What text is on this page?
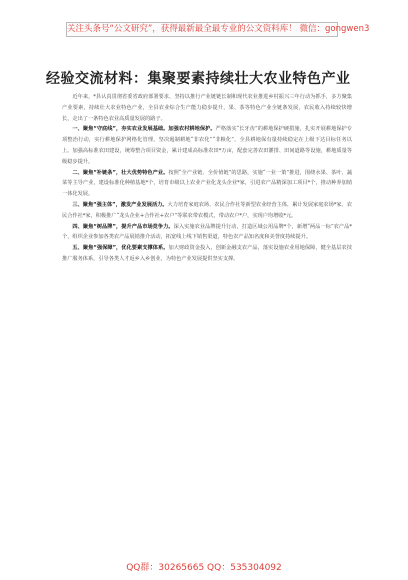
关注头条号“公文研究”，获得最新最全最专业的公文资料库！ 微信：gongwen3
经验交流材料：集聚要素持续壮大农业特色产业

近年来，*县认真贯彻省委省政府部署要求，坚持以推行产业链链长制和现代农业推进乡村振兴三年行动为抓手，多方聚集产业要素，持续壮大农业特色产业，全县农业综合生产能力稳步提升，果、茶等特色产业全链条发展，农民收入持续较快增长，走出了一条特色农业高质量发展的路子。

一、聚焦“守底线”，夯实农业发展基础。加强农村耕地保护。严格落实“长牙齿”的耕地保护硬措施，扎实开展耕地保护专项整治行动，实行耕地保护网格化管理，坚决遏制耕地“非农化”“非粮化”，全县耕地保有量持续稳定在上级下达目标任务以上。加强高标准农田建设，统筹整合项目资金，累计建成高标准农田*万亩，配套完善农田灌排、田间道路等设施，耕地质量等级稳步提升。

二、聚焦“补链条”，壮大优势特色产业。按照“全产业链、全价值链”的思路，实施“一业一策”推进，围绕水果、茶叶、蔬菜等主导产业，建设标准化种植基地*个，培育市级以上农业产业化龙头企业*家，引进农产品精深加工项目*个，推动种养加销一体化发展。

三、聚焦“强主体”，激发产业发展活力。大力培育家庭农场、农民合作社等新型农业经营主体，累计发展家庭农场*家、农民合作社*家，积极推广“龙头企业+合作社+农户”等联农带农模式，带动农户*户，实现户均增收*元。

四、聚焦“树品牌”，提升产品市场竞争力。深入实施农业品牌提升行动，打造区域公用品牌*个，新增“两品一标”农产品*个，组织企业参加各类农产品展销推介活动，拓宽线上线下销售渠道，特色农产品知名度和美誉度持续提升。

五、聚焦“强保障”，优化要素支撑体系。加大财政资金投入，创新金融支农产品，落实设施农业用地保障，健全基层农技推广服务体系，引导各类人才返乡入乡创业，为特色产业发展提供坚实支撑。

QQ群：30265665 QQ：535304092
